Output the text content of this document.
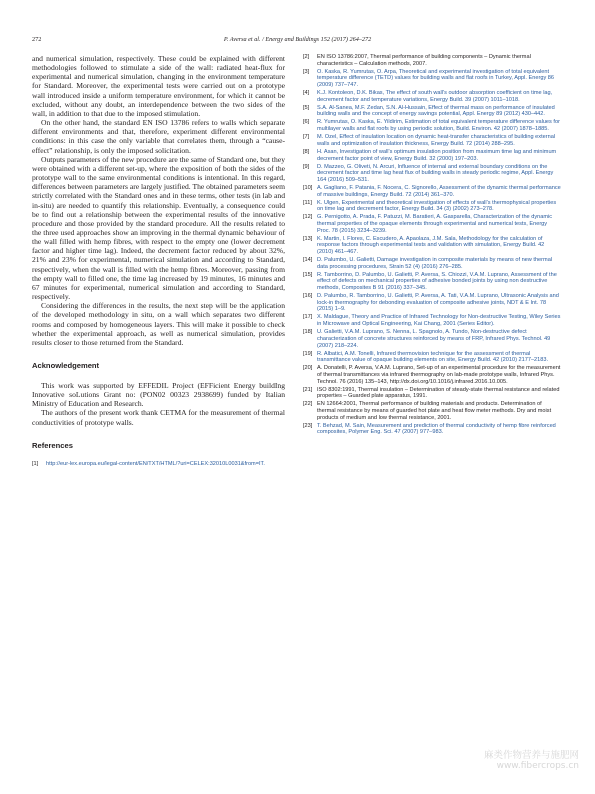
272	P. Aversa et al. / Energy and Buildings 152 (2017) 264–272

and numerical simulation, respectively. These could be explained with different methodologies followed to stimulate a side of the wall: radiated heat-flux for experimental and numerical simulation, changing in the environment temperature for Standard. Moreover, the experimental tests were carried out on a prototype wall introduced inside a uniform temperature environment, for which it cannot be excluded, without any doubt, an interdependence between the two sides of the wall, in addition to that due to the imposed stimulation.

On the other hand, the standard EN ISO 13786 refers to walls which separate different environments and that, therefore, experiment different environmental conditions: in this case the only variable that correlates them, through a “cause-effect” relationship, is only the imposed solicitation.

Outputs parameters of the new procedure are the same of Standard one, but they were obtained with a different set-up, where the exposition of both the sides of the prototype wall to the same environmental conditions is intentional. In this regard, differences between parameters are largely justified. The obtained parameters seem strictly correlated with the Standard ones and in these terms, other tests (in lab and in-situ) are needed to quantify this relationship. Eventually, a consequence could be to find out a relationship between the experimental results of the innovative procedure and those provided by the standard procedure. All the results related to the three used approaches show an improving in the thermal dynamic behaviour of the wall filled with hemp fibres, with respect to the empty one (lower decrement factor and higher time lag). Indeed, the decrement factor reduced by about 32%, 21% and 23% for experimental, numerical simulation and according to Standard, respectively, when the wall is filled with the hemp fibres. Moreover, passing from the empty wall to filled one, the time lag increased by 19 minutes, 16 minutes and 67 minutes for experimental, numerical simulation and according to Standard, respectively.

Considering the differences in the results, the next step will be the application of the developed methodology in situ, on a wall which separates two different rooms and composed by homogeneous layers. This will make it possible to check whether the experimental approach, as well as numerical simulation, provides results closer to those returned from the Standard.

Acknowledgement

This work was supported by EFFEDIL Project (EFFicient Energy buildIng Innovative soLutions Grant no: (PON02 00323 2938699) funded by Italian Ministry of Education and Research.

The authors of the present work thank CETMA for the measurement of thermal conductivities of prototype walls.

References
[1] http://eur-lex.europa.eu/legal-content/EN/TXT/HTML/?uri=CELEX:32010L0031&from=IT.
[2] EN ISO 13786:2007, Thermal performance of building components – Dynamic thermal characteristics – Calculation methods, 2007.
[3] O. Kaska, R. Yumrutas, O. Arpa, Theoretical and experimental investigation of total equivalent temperature difference (TETD) values for building walls and flat roofs in Turkey, Appl. Energy 86 (2009) 737–747.
[4] K.J. Kontoleon, D.K. Bikas, The effect of south wall's outdoor absorption coefficient on time lag, decrement factor and temperature variations, Energy Build. 39 (2007) 1011–1018.
[5] S.A. Al-Sanea, M.F. Zedan, S.N. Al-Hussain, Effect of thermal mass on performance of insulated building walls and the concept of energy savings potential, Appl. Energy 89 (2012) 430–442.
[6] R. Yumrutas, O. Kaska, E. Yildirim, Estimation of total equivalent temperature difference values for multilayer walls and flat roofs by using periodic solution, Build. Environ. 42 (2007) 1878–1885.
[7] M. Ozel, Effect of insulation location on dynamic heat-transfer characteristics of building external walls and optimization of insulation thickness, Energy Build. 72 (2014) 288–295.
[8] H. Asan, Investigation of wall's optimum insulation position from maximum time lag and minimum decrement factor point of view, Energy Build. 32 (2000) 197–203.
[9] D. Mazzeo, G. Oliveti, N. Arcuri, Influence of internal and external boundary conditions on the decrement factor and time lag heat flux of building walls in steady periodic regime, Appl. Energy 164 (2016) 509–531.
[10] A. Gagliano, F. Patania, F. Nocera, C. Signorello, Assessment of the dynamic thermal performance of massive buildings, Energy Build. 72 (2014) 361–370.
[11] K. Ulgen, Experimental and theoretical investigation of effects of wall's thermophysical properties on time lag and decrement factor, Energy Build. 34 (3) (2002) 273–278.
[12] G. Pernigotto, A. Prada, F. Patuzzi, M. Baratieri, A. Gasparella, Characterization of the dynamic thermal properties of the opaque elements through experimental and numerical tests, Energy Proc. 78 (2015) 3234–3239.
[13] K. Martin, I. Flores, C. Escudero, A. Apaolaza, J.M. Sala, Methodology for the calculation of response factors through experimental tests and validation with simulation, Energy Build. 42 (2010) 461–467.
[14] D. Palumbo, U. Galietti, Damage investigation in composite materials by means of new thermal data processing procedures, Strain 52 (4) (2016) 276–285.
[15] R. Tamborrino, D. Palumbo, U. Galietti, P. Aversa, S. Chiozzi, V.A.M. Luprano, Assessment of the effect of defects on mechanical properties of adhesive bonded joints by using non destructive methods, Composites B 91 (2016) 337–345.
[16] D. Palumbo, R. Tamborrino, U. Galietti, P. Aversa, A. Tati, V.A.M. Luprano, Ultrasonic Analysis and lock-in thermography for debonding evaluation of composite adhesive joints, NDT & E Int. 78 (2015) 1–9.
[17] X. Maldague, Theory and Practice of Infrared Technology for Non-destructive Testing, Wiley Series in Microwave and Optical Engineering, Kai Chang, 2001 (Series Editor).
[18] U. Galietti, V.A.M. Luprano, S. Nenna, L. Spagnolo, A. Tundo, Non-destructive defect characterization of concrete structures reinforced by means of FRP, Infrared Phys. Technol. 49 (2007) 218–224.
[19] R. Albatici, A.M. Tonelli, Infrared thermovision technique for the assessment of thermal transmittance value of opaque building elements on site, Energy Build. 42 (2010) 2177–2183.
[20] A. Donatelli, P. Aversa, V.A.M. Luprano, Set-up of an experimental procedure for the measurement of thermal transmittances via infrared thermography on lab-made prototype walls, Infrared Phys. Technol. 76 (2016) 135–143, http://dx.doi.org/10.1016/j.infrared.2016.10.005.
[21] ISO 8302:1991, Thermal insulation – Determination of steady-state thermal resistance and related properties – Guarded plate apparatus, 1991.
[22] EN 12664:2001, Thermal performance of building materials and products. Determination of thermal resistance by means of guarded hot plate and heat flow meter methods. Dry and moist products of medium and low thermal resistance, 2001.
[23] T. Behzad, M. Sain, Measurement and prediction of thermal conductivity of hemp fibre reinforced composites, Polymer Eng. Sci. 47 (2007) 977–983.
麻类作物营养与施肥网
www.fibercrops.cn
